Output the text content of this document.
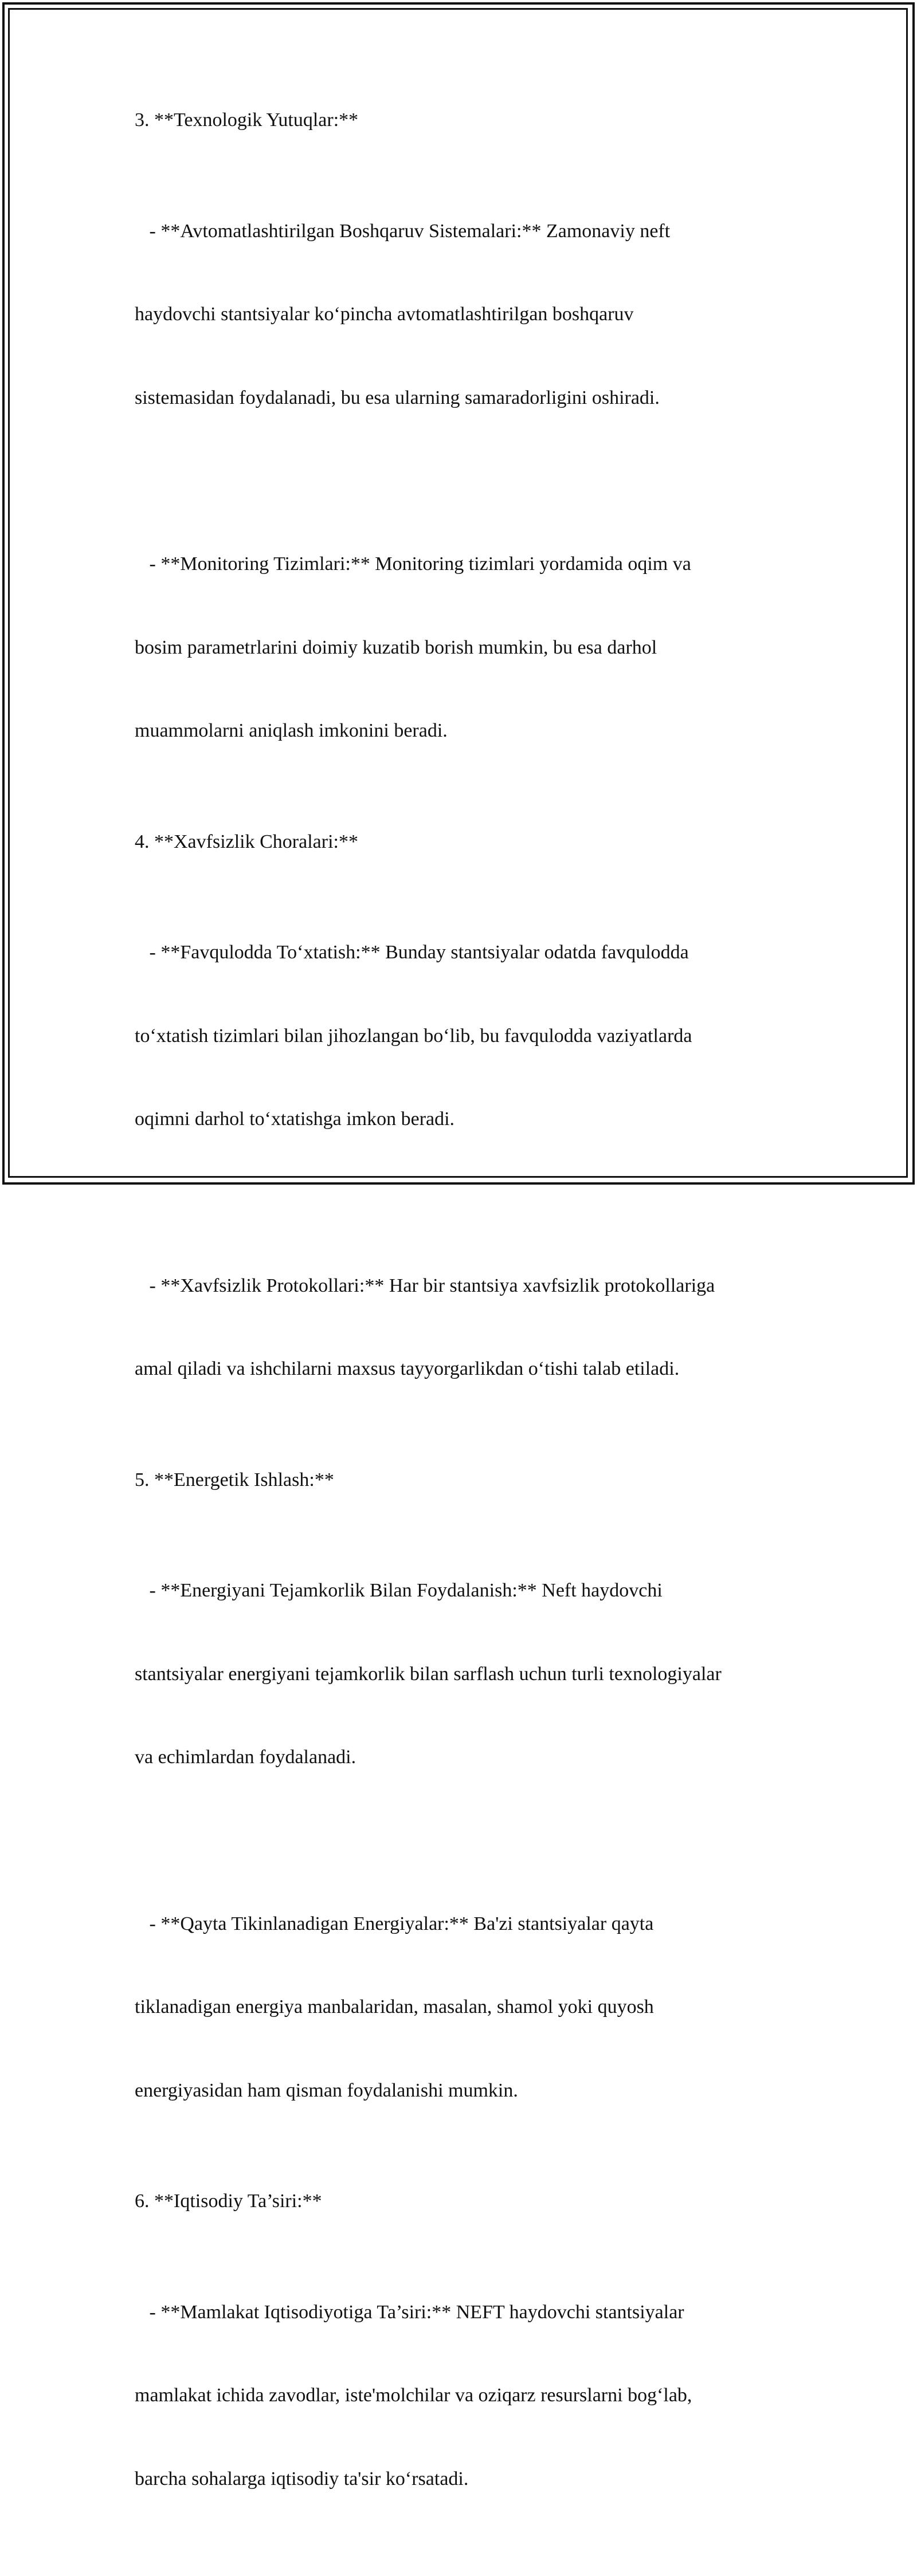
3. **Texnologik Yutuqlar:**

- **Avtomatlashtirilgan Boshqaruv Sistemalari:** Zamonaviy neft

haydovchi stantsiyalar ko‘pincha avtomatlashtirilgan boshqaruv

sistemasidan foydalanadi, bu esa ularning samaradorligini oshiradi.

- **Monitoring Tizimlari:** Monitoring tizimlari yordamida oqim va

bosim parametrlarini doimiy kuzatib borish mumkin, bu esa darhol

muammolarni aniqlash imkonini beradi.

4. **Xavfsizlik Choralari:**

- **Favqulodda To‘xtatish:** Bunday stantsiyalar odatda favqulodda

to‘xtatish tizimlari bilan jihozlangan bo‘lib, bu favqulodda vaziyatlarda

oqimni darhol to‘xtatishga imkon beradi.

- **Xavfsizlik Protokollari:** Har bir stantsiya xavfsizlik protokollariga

amal qiladi va ishchilarni maxsus tayyorgarlikdan o‘tishi talab etiladi.

5. **Energetik Ishlash:**

- **Energiyani Tejamkorlik Bilan Foydalanish:** Neft haydovchi

stantsiyalar energiyani tejamkorlik bilan sarflash uchun turli texnologiyalar

va echimlardan foydalanadi.

- **Qayta Tikinlanadigan Energiyalar:** Ba'zi stantsiyalar qayta

tiklanadigan energiya manbalaridan, masalan, shamol yoki quyosh

energiyasidan ham qisman foydalanishi mumkin.

6. **Iqtisodiy Ta’siri:**

- **Mamlakat Iqtisodiyotiga Ta’siri:** NEFT haydovchi stantsiyalar

mamlakat ichida zavodlar, iste'molchilar va oziqarz resurslarni bog‘lab,

barcha sohalarga iqtisodiy ta'sir ko‘rsatadi.
